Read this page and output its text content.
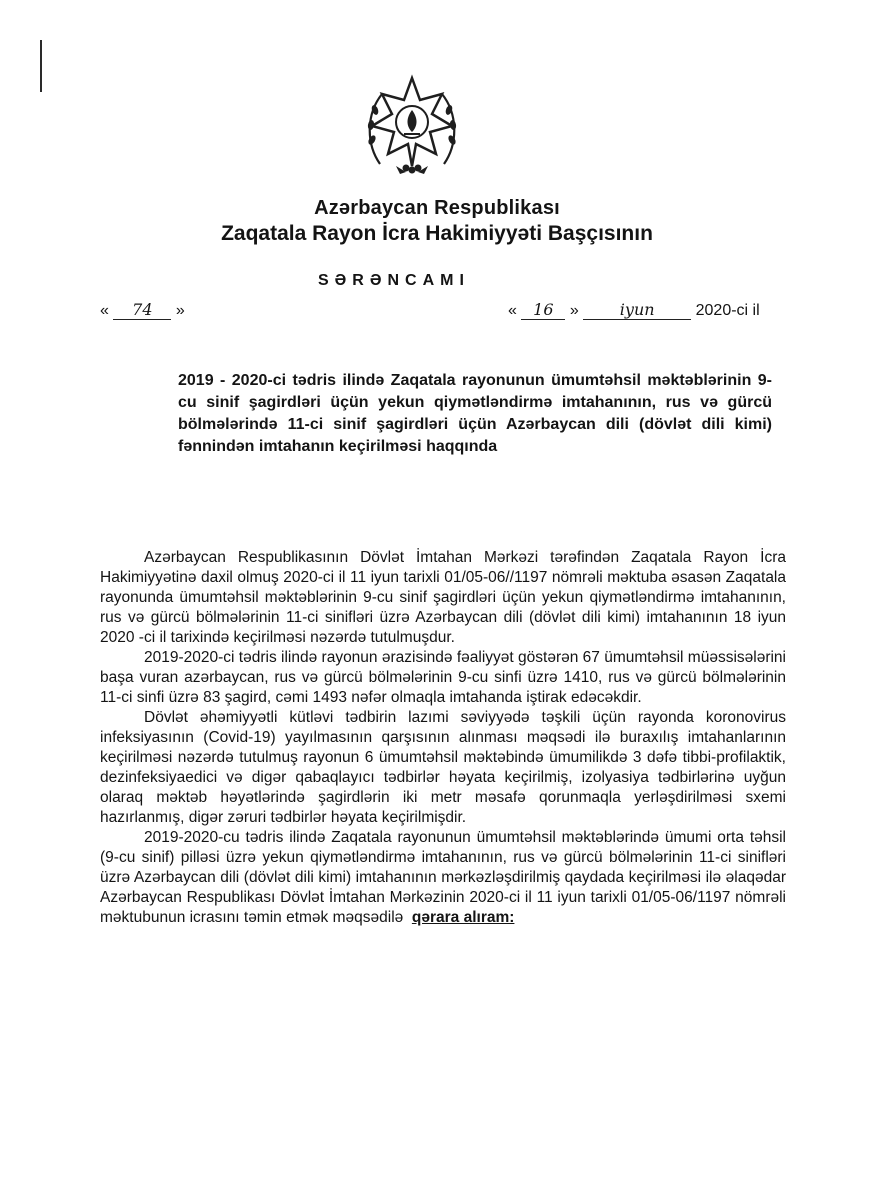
Azərbaycan Respublikası
Zaqatala Rayon İcra Hakimiyyəti Başçısının
SƏRƏNCAMI
« 74 »	« 16 »	iyun	2020-ci il
2019 - 2020-ci tədris ilində Zaqatala rayonunun ümumtəhsil məktəblərinin 9-cu sinif şagirdləri üçün yekun qiymətləndirmə imtahanının, rus və gürcü bölmələrində 11-ci sinif şagirdləri üçün Azərbaycan dili (dövlət dili kimi) fənnindən imtahanın keçirilməsi haqqında

Azərbaycan Respublikasının Dövlət İmtahan Mərkəzi tərəfindən Zaqatala Rayon İcra Hakimiyyətinə daxil olmuş 2020-ci il 11 iyun tarixli 01/05-06//1197 nömrəli məktuba əsasən Zaqatala rayonunda ümumtəhsil məktəblərinin 9-cu sinif şagirdləri üçün yekun qiymətləndirmə imtahanının, rus və gürcü bölmələrinin 11-ci sinifləri üzrə Azərbaycan dili (dövlət dili kimi) imtahanının 18 iyun 2020 -ci il tarixində keçirilməsi nəzərdə tutulmuşdur.

2019-2020-ci tədris ilində rayonun ərazisində fəaliyyət göstərən 67 ümumtəhsil müəssisələrini başa vuran azərbaycan, rus və gürcü bölmələrinin 9-cu sinfi üzrə 1410, rus və gürcü bölmələrinin 11-ci sinfi üzrə 83 şagird, cəmi 1493 nəfər olmaqla imtahanda iştirak edəcəkdir.

Dövlət əhəmiyyətli kütləvi tədbirin lazımi səviyyədə təşkili üçün rayonda koronovirus infeksiyasının (Covid-19) yayılmasının qarşısının alınması məqsədi ilə buraxılış imtahanlarının keçirilməsi nəzərdə tutulmuş rayonun 6 ümumtəhsil məktəbində ümumilikdə 3 dəfə tibbi-profilaktik, dezinfeksiyaedici və digər qabaqlayıcı tədbirlər həyata keçirilmiş, izolyasiya tədbirlərinə uyğun olaraq məktəb həyətlərində şagirdlərin iki metr məsafə qorunmaqla yerləşdirilməsi sxemi hazırlanmış, digər zəruri tədbirlər həyata keçirilmişdir.

2019-2020-cu tədris ilində Zaqatala rayonunun ümumtəhsil məktəblərində ümumi orta təhsil (9-cu sinif) pilləsi üzrə yekun qiymətləndirmə imtahanının, rus və gürcü bölmələrinin 11-ci sinifləri üzrə Azərbaycan dili (dövlət dili kimi) imtahanının mərkəzləşdirilmiş qaydada keçirilməsi ilə əlaqədar Azərbaycan Respublikası Dövlət İmtahan Mərkəzinin 2020-ci il 11 iyun tarixli 01/05-06/1197 nömrəli məktubunun icrasını təmin etmək məqsədilə qərara alıram:
